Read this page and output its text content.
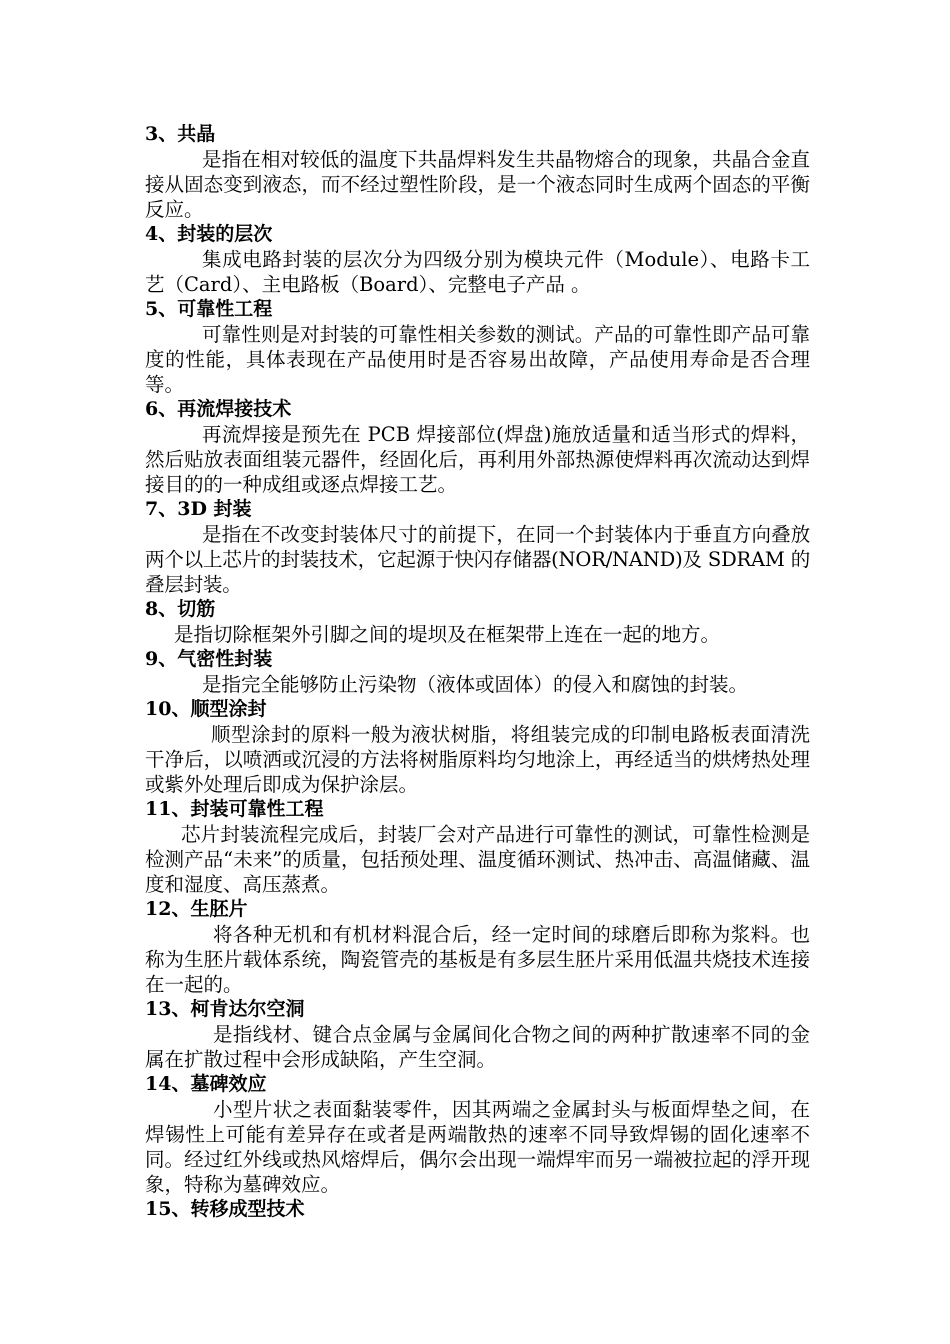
3、共晶

是指在相对较低的温度下共晶焊料发生共晶物熔合的现象，共晶合金直接从固态变到液态，而不经过塑性阶段，是一个液态同时生成两个固态的平衡反应。

4、封装的层次

集成电路封装的层次分为四级分别为模块元件（Module）、电路卡工艺（Card）、主电路板（Board）、完整电子产品 。

5、可靠性工程

可靠性则是对封装的可靠性相关参数的测试。产品的可靠性即产品可靠度的性能，具体表现在产品使用时是否容易出故障，产品使用寿命是否合理等。

6、再流焊接技术

再流焊接是预先在 PCB 焊接部位(焊盘)施放适量和适当形式的焊料，然后贴放表面组装元器件，经固化后，再利用外部热源使焊料再次流动达到焊接目的的一种成组或逐点焊接工艺。

7、3D 封装

是指在不改变封装体尺寸的前提下，在同一个封装体内于垂直方向叠放两个以上芯片的封装技术，它起源于快闪存储器(NOR/NAND)及 SDRAM 的叠层封装。

8、切筋

是指切除框架外引脚之间的堤坝及在框架带上连在一起的地方。

9、气密性封装

是指完全能够防止污染物（液体或固体）的侵入和腐蚀的封装。

10、顺型涂封

顺型涂封的原料一般为液状树脂，将组装完成的印制电路板表面清洗干净后，以喷洒或沉浸的方法将树脂原料均匀地涂上，再经适当的烘烤热处理或紫外处理后即成为保护涂层。

11、封装可靠性工程

芯片封装流程完成后，封装厂会对产品进行可靠性的测试，可靠性检测是检测产品“未来”的质量，包括预处理、温度循环测试、热冲击、高温储藏、温度和湿度、高压蒸煮。

12、生胚片

将各种无机和有机材料混合后，经一定时间的球磨后即称为浆料。也称为生胚片载体系统，陶瓷管壳的基板是有多层生胚片采用低温共烧技术连接在一起的。

13、柯肯达尔空洞

是指线材、键合点金属与金属间化合物之间的两种扩散速率不同的金属在扩散过程中会形成缺陷，产生空洞。

14、墓碑效应

小型片状之表面黏装零件，因其两端之金属封头与板面焊垫之间，在焊锡性上可能有差异存在或者是两端散热的速率不同导致焊锡的固化速率不同。经过红外线或热风熔焊后，偶尔会出现一端焊牢而另一端被拉起的浮开现象，特称为墓碑效应。

15、转移成型技术
